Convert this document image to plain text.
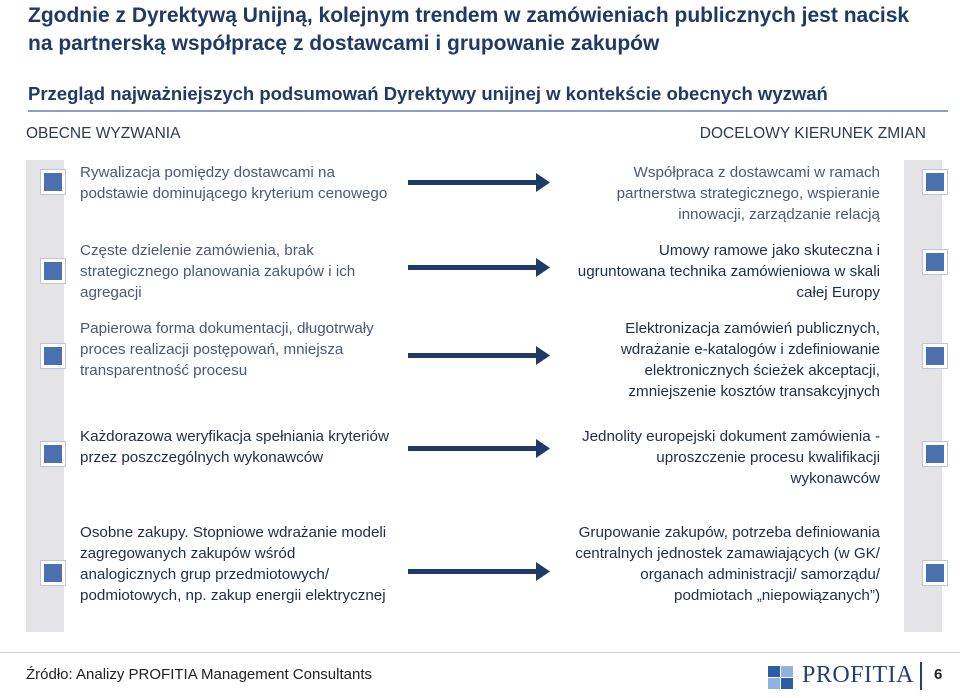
Zgodnie z Dyrektywą Unijną, kolejnym trendem w zamówieniach publicznych jest nacisk na partnerską współpracę z dostawcami i grupowanie zakupów
Przegląd najważniejszych podsumowań Dyrektywy unijnej w kontekście obecnych wyzwań
OBECNE WYZWANIA	DOCELOWY KIERUNEK ZMIAN
Rywalizacja pomiędzy dostawcami na podstawie dominującego kryterium cenowego
Współpraca z dostawcami w ramach partnerstwa strategicznego, wspieranie innowacji, zarządzanie relacją
Częste dzielenie zamówienia, brak strategicznego planowania zakupów i ich agregacji
Umowy ramowe jako skuteczna i ugruntowana technika zamówieniowa w skali całej Europy
Papierowa forma dokumentacji, długotrwały proces realizacji postępowań, mniejsza transparentność procesu
Elektronizacja zamówień publicznych, wdrażanie e-katalogów i zdefiniowanie elektronicznych ścieżek akceptacji, zmniejszenie kosztów transakcyjnych
Każdorazowa weryfikacja spełniania kryteriów przez poszczególnych wykonawców
Jednolity europejski dokument zamówienia - uproszczenie procesu kwalifikacji wykonawców
Osobne zakupy. Stopniowe wdrażanie modeli zagregowanych zakupów wśród analogicznych grup przedmiotowych/ podmiotowych, np. zakup energii elektrycznej
Grupowanie zakupów, potrzeba definiowania centralnych jednostek zamawiających (w GK/ organach administracji/ samorządu/ podmiotach „niepowiązanych”)
Źródło: Analizy PROFITIA Management Consultants	PROFITIA 6
